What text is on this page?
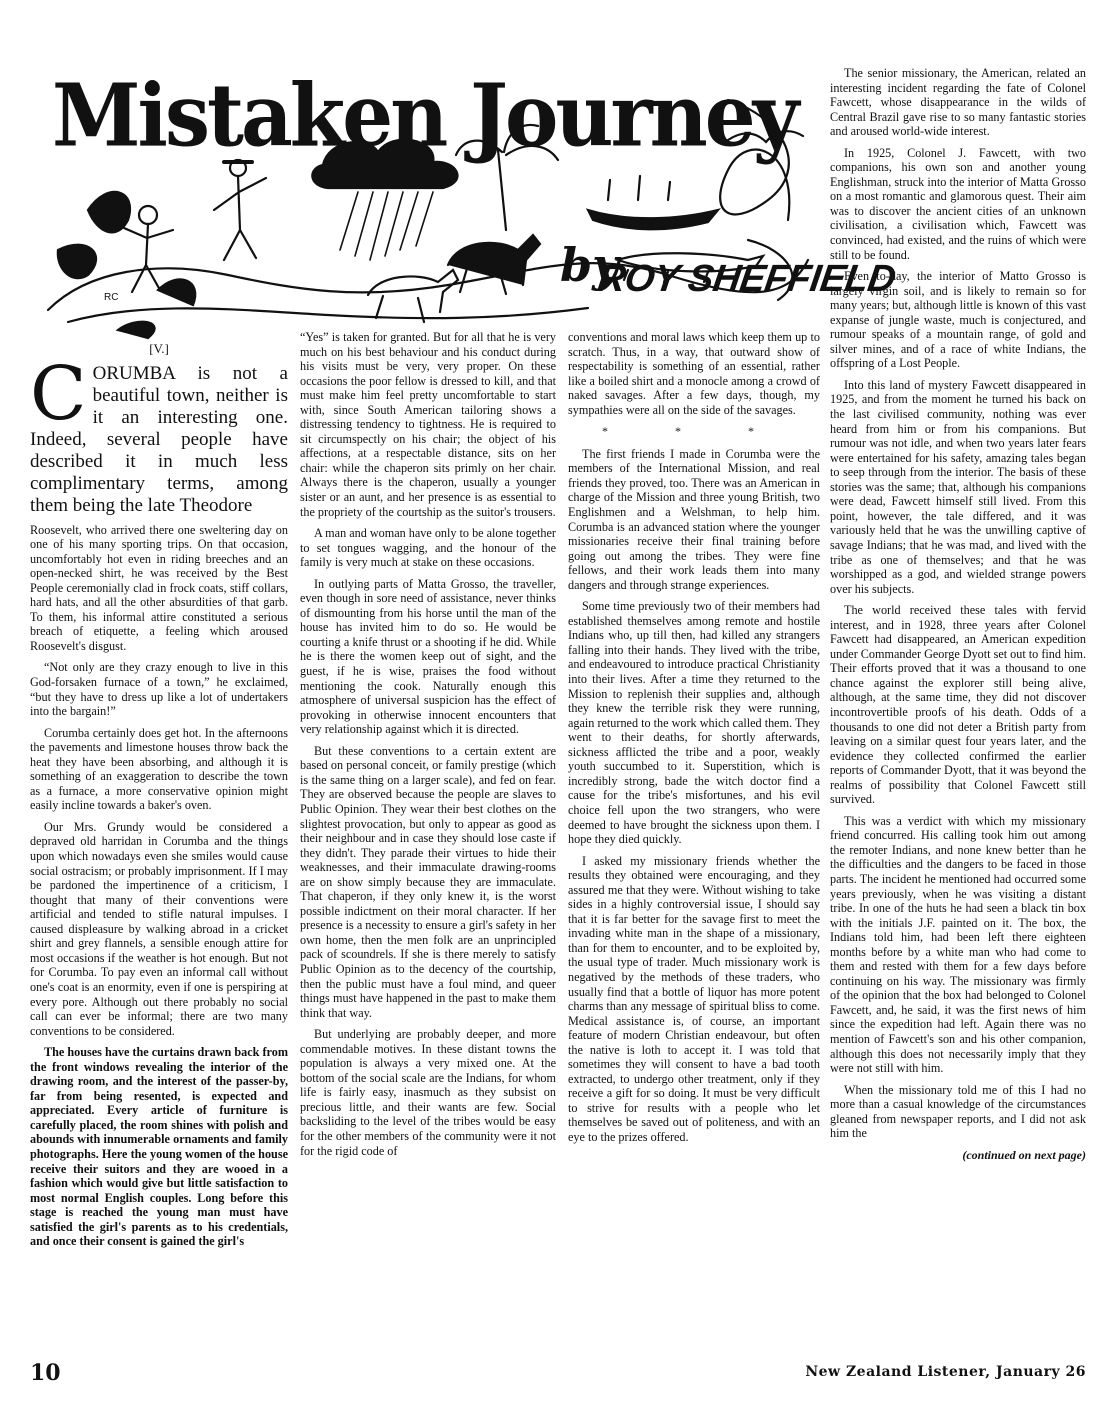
Mistaken Journey
by
ROY SHEFFIELD
RC
[V.]
CORUMBA is not a beautiful town, neither is it an interesting one. Indeed, several people have described it in much less complimentary terms, among them being the late Theodore

Roosevelt, who arrived there one sweltering day on one of his many sporting trips. On that occasion, uncomfortably hot even in riding breeches and an open-necked shirt, he was received by the Best People ceremonially clad in frock coats, stiff collars, hard hats, and all the other absurdities of that garb. To them, his informal attire constituted a serious breach of etiquette, a feeling which aroused Roosevelt's disgust.

“Not only are they crazy enough to live in this God-forsaken furnace of a town,” he exclaimed, “but they have to dress up like a lot of undertakers into the bargain!”

Corumba certainly does get hot. In the afternoons the pavements and limestone houses throw back the heat they have been absorbing, and although it is something of an exaggeration to describe the town as a furnace, a more conservative opinion might easily incline towards a baker's oven.

Our Mrs. Grundy would be considered a depraved old harridan in Corumba and the things upon which nowadays even she smiles would cause social ostracism; or probably imprisonment. If I may be pardoned the impertinence of a criticism, I thought that many of their conventions were artificial and tended to stifle natural impulses. I caused displeasure by walking abroad in a cricket shirt and grey flannels, a sensible enough attire for most occasions if the weather is hot enough. But not for Corumba. To pay even an informal call without one's coat is an enormity, even if one is perspiring at every pore. Although out there probably no social call can ever be informal; there are two many conventions to be considered.

The houses have the curtains drawn back from the front windows revealing the interior of the drawing room, and the interest of the passer-by, far from being resented, is expected and appreciated. Every article of furniture is carefully placed, the room shines with polish and abounds with innumerable ornaments and family photographs. Here the young women of the house receive their suitors and they are wooed in a fashion which would give but little satisfaction to most normal English couples. Long before this stage is reached the young man must have satisfied the girl's parents as to his credentials, and once their consent is gained the girl's

“Yes” is taken for granted. But for all that he is very much on his best behaviour and his conduct during his visits must be very, very proper. On these occasions the poor fellow is dressed to kill, and that must make him feel pretty uncomfortable to start with, since South American tailoring shows a distressing tendency to tightness. He is required to sit circumspectly on his chair; the object of his affections, at a respectable distance, sits on her chair: while the chaperon sits primly on her chair. Always there is the chaperon, usually a younger sister or an aunt, and her presence is as essential to the propriety of the courtship as the suitor's trousers.

A man and woman have only to be alone together to set tongues wagging, and the honour of the family is very much at stake on these occasions.

In outlying parts of Matta Grosso, the traveller, even though in sore need of assistance, never thinks of dismounting from his horse until the man of the house has invited him to do so. He would be courting a knife thrust or a shooting if he did. While he is there the women keep out of sight, and the guest, if he is wise, praises the food without mentioning the cook. Naturally enough this atmosphere of universal suspicion has the effect of provoking in otherwise innocent encounters that very relationship against which it is directed.

But these conventions to a certain extent are based on personal conceit, or family prestige (which is the same thing on a larger scale), and fed on fear. They are observed because the people are slaves to Public Opinion. They wear their best clothes on the slightest provocation, but only to appear as good as their neighbour and in case they should lose caste if they didn't. They parade their virtues to hide their weaknesses, and their immaculate drawing-rooms are on show simply because they are immaculate. That chaperon, if they only knew it, is the worst possible indictment on their moral character. If her presence is a necessity to ensure a girl's safety in her own home, then the men folk are an unprincipled pack of scoundrels. If she is there merely to satisfy Public Opinion as to the decency of the courtship, then the public must have a foul mind, and queer things must have happened in the past to make them think that way.

But underlying are probably deeper, and more commendable motives. In these distant towns the population is always a very mixed one. At the bottom of the social scale are the Indians, for whom life is fairly easy, inasmuch as they subsist on precious little, and their wants are few. Social backsliding to the level of the tribes would be easy for the other members of the community were it not for the rigid code of

conventions and moral laws which keep them up to scratch. Thus, in a way, that outward show of respectability is something of an essential, rather like a boiled shirt and a monocle among a crowd of naked savages. After a few days, though, my sympathies were all on the side of the savages.

* * *

The first friends I made in Corumba were the members of the International Mission, and real friends they proved, too. There was an American in charge of the Mission and three young British, two Englishmen and a Welshman, to help him. Corumba is an advanced station where the younger missionaries receive their final training before going out among the tribes. They were fine fellows, and their work leads them into many dangers and through strange experiences.

Some time previously two of their members had established themselves among remote and hostile Indians who, up till then, had killed any strangers falling into their hands. They lived with the tribe, and endeavoured to introduce practical Christianity into their lives. After a time they returned to the Mission to replenish their supplies and, although they knew the terrible risk they were running, again returned to the work which called them. They went to their deaths, for shortly afterwards, sickness afflicted the tribe and a poor, weakly youth succumbed to it. Superstition, which is incredibly strong, bade the witch doctor find a cause for the tribe's misfortunes, and his evil choice fell upon the two strangers, who were deemed to have brought the sickness upon them. I hope they died quickly.

I asked my missionary friends whether the results they obtained were encouraging, and they assured me that they were. Without wishing to take sides in a highly controversial issue, I should say that it is far better for the savage first to meet the invading white man in the shape of a missionary, than for them to encounter, and to be exploited by, the usual type of trader. Much missionary work is negatived by the methods of these traders, who usually find that a bottle of liquor has more potent charms than any message of spiritual bliss to come. Medical assistance is, of course, an important feature of modern Christian endeavour, but often the native is loth to accept it. I was told that sometimes they will consent to have a bad tooth extracted, to undergo other treatment, only if they receive a gift for so doing. It must be very difficult to strive for results with a people who let themselves be saved out of politeness, and with an eye to the prizes offered.

The senior missionary, the American, related an interesting incident regarding the fate of Colonel Fawcett, whose disappearance in the wilds of Central Brazil gave rise to so many fantastic stories and aroused world-wide interest.

In 1925, Colonel J. Fawcett, with two companions, his own son and another young Englishman, struck into the interior of Matta Grosso on a most romantic and glamorous quest. Their aim was to discover the ancient cities of an unknown civilisation, a civilisation which, Fawcett was convinced, had existed, and the ruins of which were still to be found.

Even to-day, the interior of Matto Grosso is largely virgin soil, and is likely to remain so for many years; but, although little is known of this vast expanse of jungle waste, much is conjectured, and rumour speaks of a mountain range, of gold and silver mines, and of a race of white Indians, the offspring of a Lost People.

Into this land of mystery Fawcett disappeared in 1925, and from the moment he turned his back on the last civilised community, nothing was ever heard from him or from his companions. But rumour was not idle, and when two years later fears were entertained for his safety, amazing tales began to seep through from the interior. The basis of these stories was the same; that, although his companions were dead, Fawcett himself still lived. From this point, however, the tale differed, and it was variously held that he was the unwilling captive of savage Indians; that he was mad, and lived with the tribe as one of themselves; and that he was worshipped as a god, and wielded strange powers over his subjects.

The world received these tales with fervid interest, and in 1928, three years after Colonel Fawcett had disappeared, an American expedition under Commander George Dyott set out to find him. Their efforts proved that it was a thousand to one chance against the explorer still being alive, although, at the same time, they did not discover incontrovertible proofs of his death. Odds of a thousands to one did not deter a British party from leaving on a similar quest four years later, and the evidence they collected confirmed the earlier reports of Commander Dyott, that it was beyond the realms of possibility that Colonel Fawcett still survived.

This was a verdict with which my missionary friend concurred. His calling took him out among the remoter Indians, and none knew better than he the difficulties and the dangers to be faced in those parts. The incident he mentioned had occurred some years previously, when he was visiting a distant tribe. In one of the huts he had seen a black tin box with the initials J.F. painted on it. The box, the Indians told him, had been left there eighteen months before by a white man who had come to them and rested with them for a few days before continuing on his way. The missionary was firmly of the opinion that the box had belonged to Colonel Fawcett, and, he said, it was the first news of him since the expedition had left. Again there was no mention of Fawcett's son and his other companion, although this does not necessarily imply that they were not still with him.

When the missionary told me of this I had no more than a casual knowledge of the circumstances gleaned from newspaper reports, and I did not ask him the

(continued on next page)
10	New Zealand Listener, January 26
